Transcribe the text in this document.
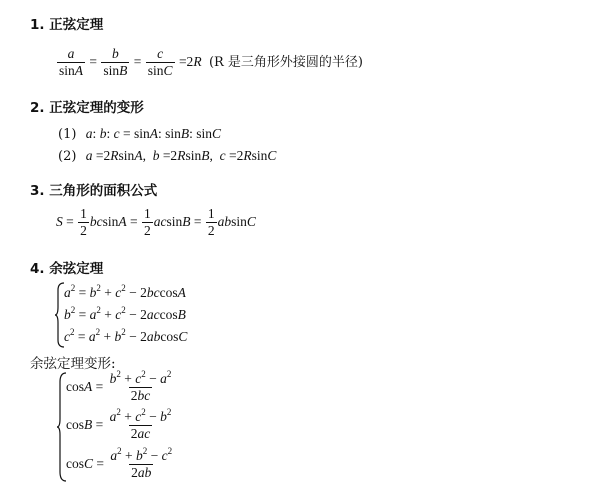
1. 正弦定理
$\frac{a}{\sin A} = \frac{b}{\sin B} = \frac{c}{\sin C} =2R$ (R 是三角形外接圆的半径)
2. 正弦定理的变形
(1) a: b: c = sinA: sinB: sinC
(2) a =2RsinA,  b =2RsinB,  c =2RsinC
3. 三角形的面积公式
$S = \frac{1}{2}$ $bcsinA = \frac{1}{2}$ $acsinB = \frac{1}{2}$ absinC
4. 余弦定理
$a^2 = b^2 + c^2 - 2bccosA$
$b^2 = a^2 + c^2 - 2accosB$
$c^2 = a^2 + b^2 - 2abcosC$
余弦定理变形:
$\cos A = \frac{b^2 + c^2 - a^2}{2bc}$
$\cos B = \frac{a^2 + c^2 - b^2}{2ac}$
$\cos C = \frac{a^2 + b^2 - c^2}{2ab}$
